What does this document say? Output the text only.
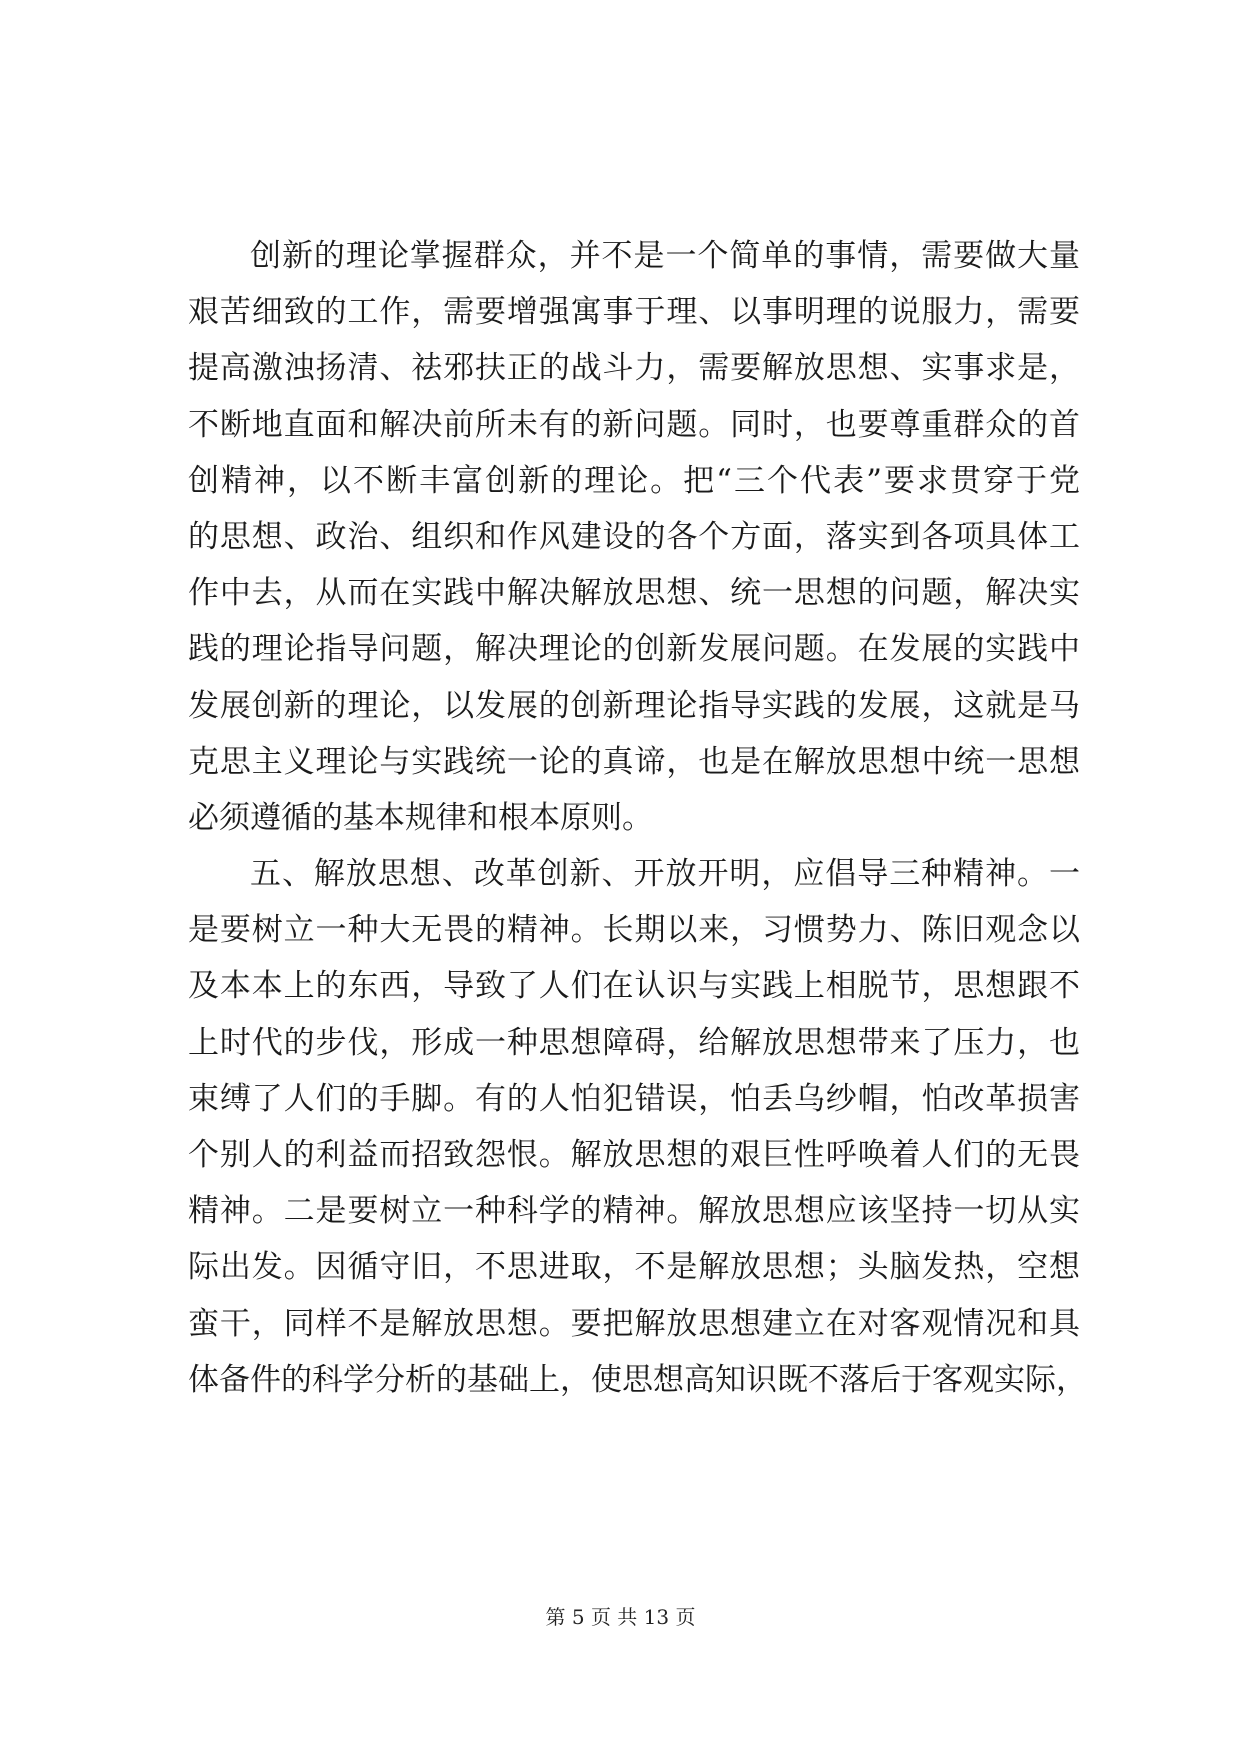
创新的理论掌握群众，并不是一个简单的事情，需要做大量

艰苦细致的工作，需要增强寓事于理、以事明理的说服力，需要

提高激浊扬清、祛邪扶正的战斗力，需要解放思想、实事求是，

不断地直面和解决前所未有的新问题。同时，也要尊重群众的首

创精神，以不断丰富创新的理论。把“三个代表”要求贯穿于党

的思想、政治、组织和作风建设的各个方面，落实到各项具体工

作中去，从而在实践中解决解放思想、统一思想的问题，解决实

践的理论指导问题，解决理论的创新发展问题。在发展的实践中

发展创新的理论，以发展的创新理论指导实践的发展，这就是马

克思主义理论与实践统一论的真谛，也是在解放思想中统一思想

必须遵循的基本规律和根本原则。

五、解放思想、改革创新、开放开明，应倡导三种精神。一

是要树立一种大无畏的精神。长期以来，习惯势力、陈旧观念以

及本本上的东西，导致了人们在认识与实践上相脱节，思想跟不

上时代的步伐，形成一种思想障碍，给解放思想带来了压力，也

束缚了人们的手脚。有的人怕犯错误，怕丢乌纱帽，怕改革损害

个别人的利益而招致怨恨。解放思想的艰巨性呼唤着人们的无畏

精神。二是要树立一种科学的精神。解放思想应该坚持一切从实

际出发。因循守旧，不思进取，不是解放思想；头脑发热，空想

蛮干，同样不是解放思想。要把解放思想建立在对客观情况和具

体备件的科学分析的基础上，使思想高知识既不落后于客观实际，

第 5 页 共 13 页
